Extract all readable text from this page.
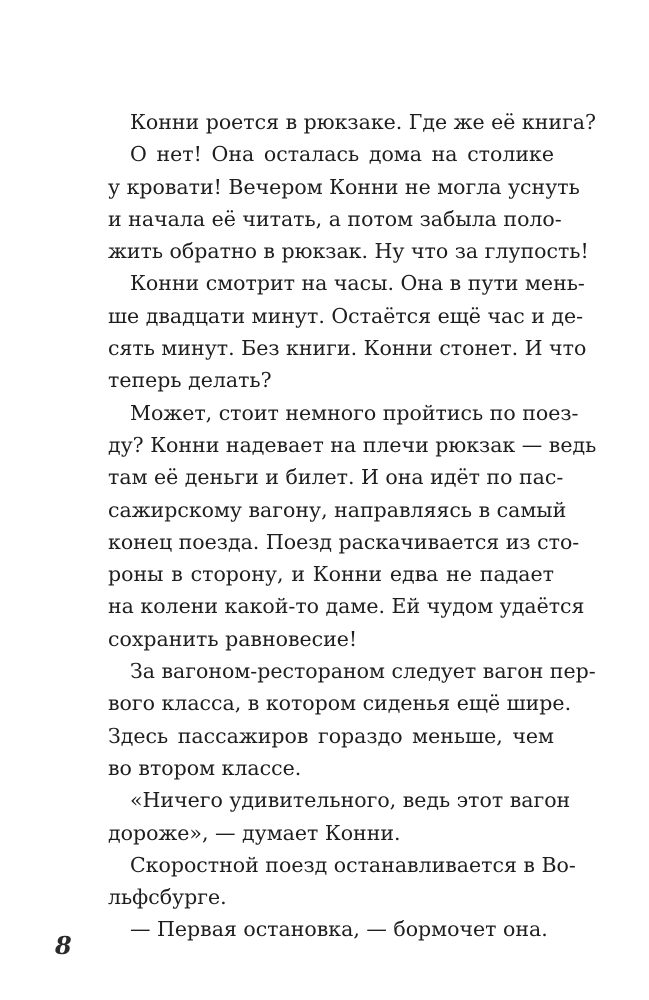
Конни роется в рюкзаке. Где же её книга?
О нет! Она осталась дома на столике
у кровати! Вечером Конни не могла уснуть
и начала её читать, а потом забыла поло-
жить обратно в рюкзак. Ну что за глупость!
Конни смотрит на часы. Она в пути мень-
ше двадцати минут. Остаётся ещё час и де-
сять минут. Без книги. Конни стонет. И что
теперь делать?
Может, стоит немного пройтись по поез-
ду? Конни надевает на плечи рюкзак — ведь
там её деньги и билет. И она идёт по пас-
сажирскому вагону, направляясь в самый
конец поезда. Поезд раскачивается из сто-
роны в сторону, и Конни едва не падает
на колени какой-то даме. Ей чудом удаётся
сохранить равновесие!
За вагоном-рестораном следует вагон пер-
вого класса, в котором сиденья ещё шире.
Здесь пассажиров гораздо меньше, чем
во втором классе.
«Ничего удивительного, ведь этот вагон
дороже», — думает Конни.
Скоростной поезд останавливается в Во-
льфсбурге.
— Первая остановка, — бормочет она.
8
